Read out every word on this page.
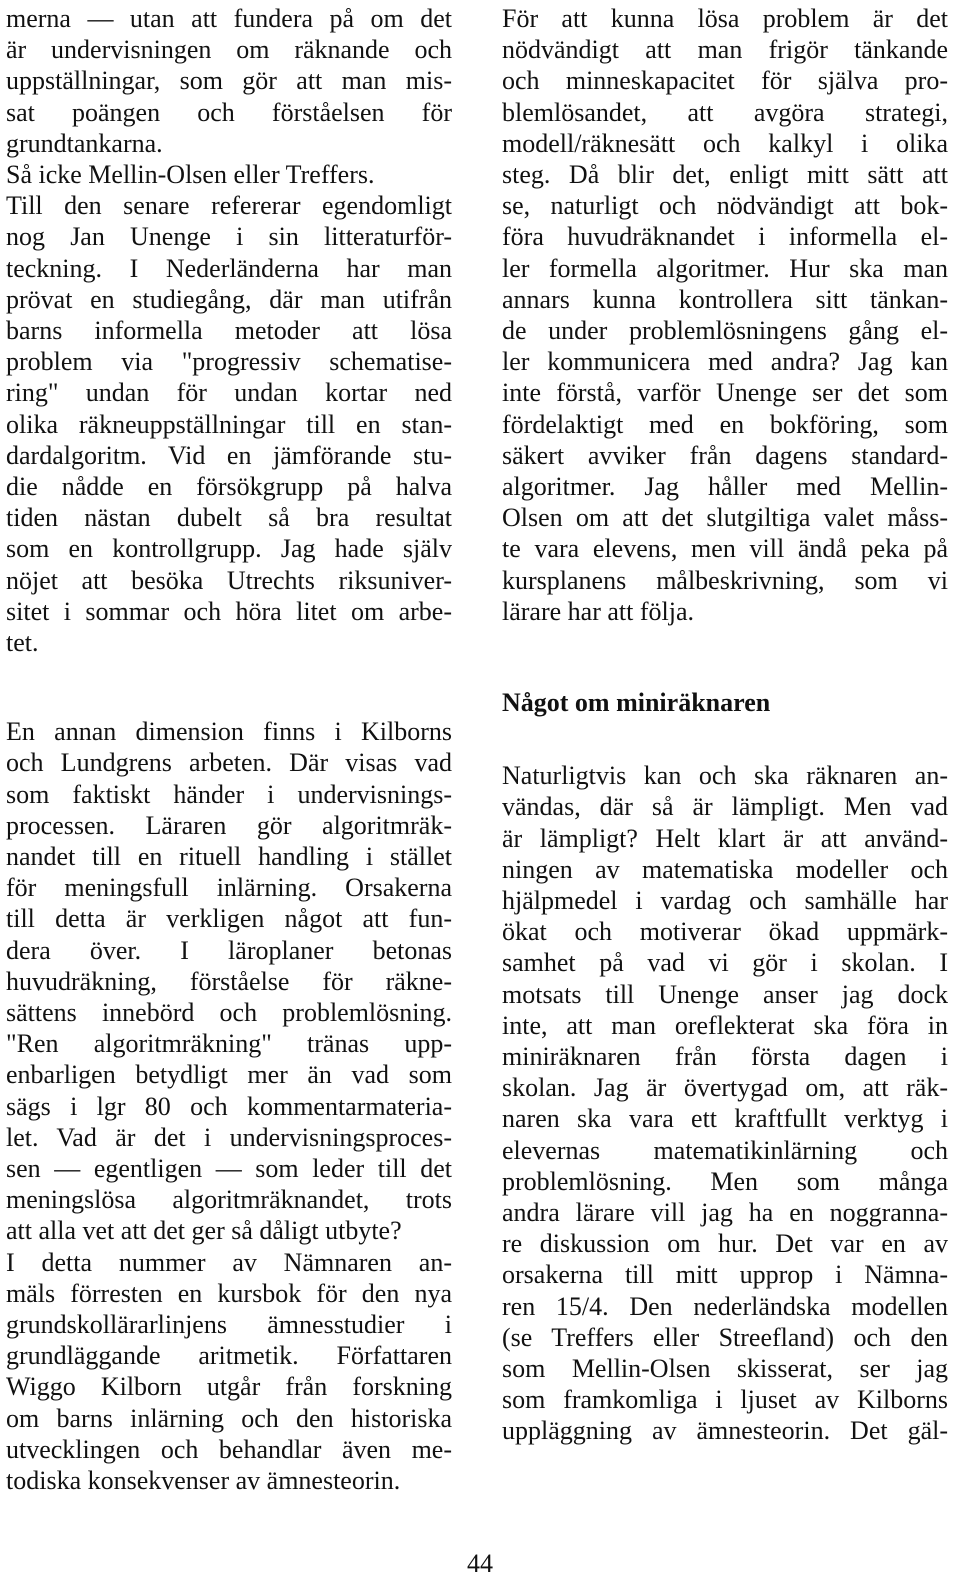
merna — utan att fundera på om det
är undervisningen om räknande och
uppställningar, som gör att man mis-
sat poängen och förståelsen för
grundtankarna.
Så icke Mellin-Olsen eller Treffers.
Till den senare refererar egendomligt
nog Jan Unenge i sin litteraturför-
teckning. I Nederländerna har man
prövat en studiegång, där man utifrån
barns informella metoder att lösa
problem via "progressiv schematise-
ring" undan för undan kortar ned
olika räkneuppställningar till en stan-
dardalgoritm. Vid en jämförande stu-
die nådde en försökgrupp på halva
tiden nästan dubelt så bra resultat
som en kontrollgrupp. Jag hade själv
nöjet att besöka Utrechts riksuniver-
sitet i sommar och höra litet om arbe-
tet.
En annan dimension finns i Kilborns
och Lundgrens arbeten. Där visas vad
som faktiskt händer i undervisnings-
processen. Läraren gör algoritmräk-
nandet till en rituell handling i stället
för meningsfull inlärning. Orsakerna
till detta är verkligen något att fun-
dera över. I läroplaner betonas
huvudräkning, förståelse för räkne-
sättens innebörd och problemlösning.
"Ren algoritmräkning" tränas upp-
enbarligen betydligt mer än vad som
sägs i lgr 80 och kommentarmateria-
let. Vad är det i undervisningsproces-
sen — egentligen — som leder till det
meningslösa algoritmräknandet, trots
att alla vet att det ger så dåligt utbyte?
I detta nummer av Nämnaren an-
mäls förresten en kursbok för den nya
grundskollärarlinjens ämnesstudier i
grundläggande aritmetik. Författaren
Wiggo Kilborn utgår från forskning
om barns inlärning och den historiska
utvecklingen och behandlar även me-
todiska konsekvenser av ämnesteorin.
För att kunna lösa problem är det
nödvändigt att man frigör tänkande
och minneskapacitet för själva pro-
blemlösandet, att avgöra strategi,
modell/räknesätt och kalkyl i olika
steg. Då blir det, enligt mitt sätt att
se, naturligt och nödvändigt att bok-
föra huvudräknandet i informella el-
ler formella algoritmer. Hur ska man
annars kunna kontrollera sitt tänkan-
de under problemlösningens gång el-
ler kommunicera med andra? Jag kan
inte förstå, varför Unenge ser det som
fördelaktigt med en bokföring, som
säkert avviker från dagens standard-
algoritmer. Jag håller med Mellin-
Olsen om att det slutgiltiga valet måss-
te vara elevens, men vill ändå peka på
kursplanens målbeskrivning, som vi
lärare har att följa.
Något om miniräknaren
Naturligtvis kan och ska räknaren an-
vändas, där så är lämpligt. Men vad
är lämpligt? Helt klart är att använd-
ningen av matematiska modeller och
hjälpmedel i vardag och samhälle har
ökat och motiverar ökad uppmärk-
samhet på vad vi gör i skolan. I
motsats till Unenge anser jag dock
inte, att man oreflekterat ska föra in
miniräknaren från första dagen i
skolan. Jag är övertygad om, att räk-
naren ska vara ett kraftfullt verktyg i
elevernas matematikinlärning och
problemlösning. Men som många
andra lärare vill jag ha en noggranna-
re diskussion om hur. Det var en av
orsakerna till mitt upprop i Nämna-
ren 15/4. Den nederländska modellen
(se Treffers eller Streefland) och den
som Mellin-Olsen skisserat, ser jag
som framkomliga i ljuset av Kilborns
uppläggning av ämnesteorin. Det gäl-
44
